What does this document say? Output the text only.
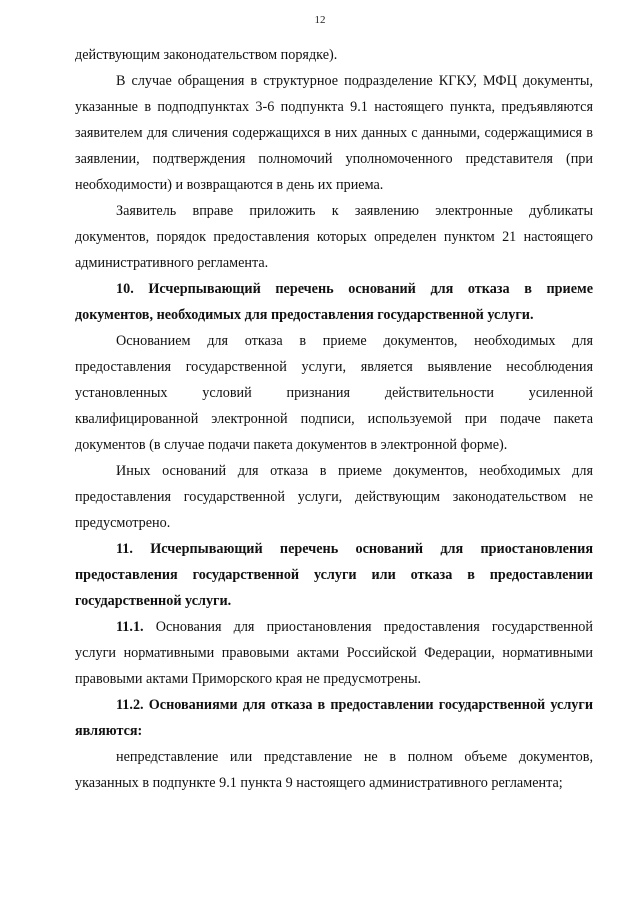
12

действующим законодательством порядке).

В случае обращения в структурное подразделение КГКУ, МФЦ документы, указанные в подподпунктах 3-6 подпункта 9.1 настоящего пункта, предъявляются заявителем для сличения содержащихся в них данных с данными, содержащимися в заявлении, подтверждения полномочий уполномоченного представителя (при необходимости) и возвращаются в день их приема.

Заявитель вправе приложить к заявлению электронные дубликаты документов, порядок предоставления которых определен пунктом 21 настоящего административного регламента.

10. Исчерпывающий перечень оснований для отказа в приеме документов, необходимых для предоставления государственной услуги.

Основанием для отказа в приеме документов, необходимых для предоставления государственной услуги, является выявление несоблюдения установленных условий признания действительности усиленной квалифицированной электронной подписи, используемой при подаче пакета документов (в случае подачи пакета документов в электронной форме).

Иных оснований для отказа в приеме документов, необходимых для предоставления государственной услуги, действующим законодательством не предусмотрено.

11. Исчерпывающий перечень оснований для приостановления предоставления государственной услуги или отказа в предоставлении государственной услуги.

11.1. Основания для приостановления предоставления государственной услуги нормативными правовыми актами Российской Федерации, нормативными правовыми актами Приморского края не предусмотрены.

11.2. Основаниями для отказа в предоставлении государственной услуги являются:

непредставление или представление не в полном объеме документов, указанных в подпункте 9.1 пункта 9 настоящего административного регламента;
